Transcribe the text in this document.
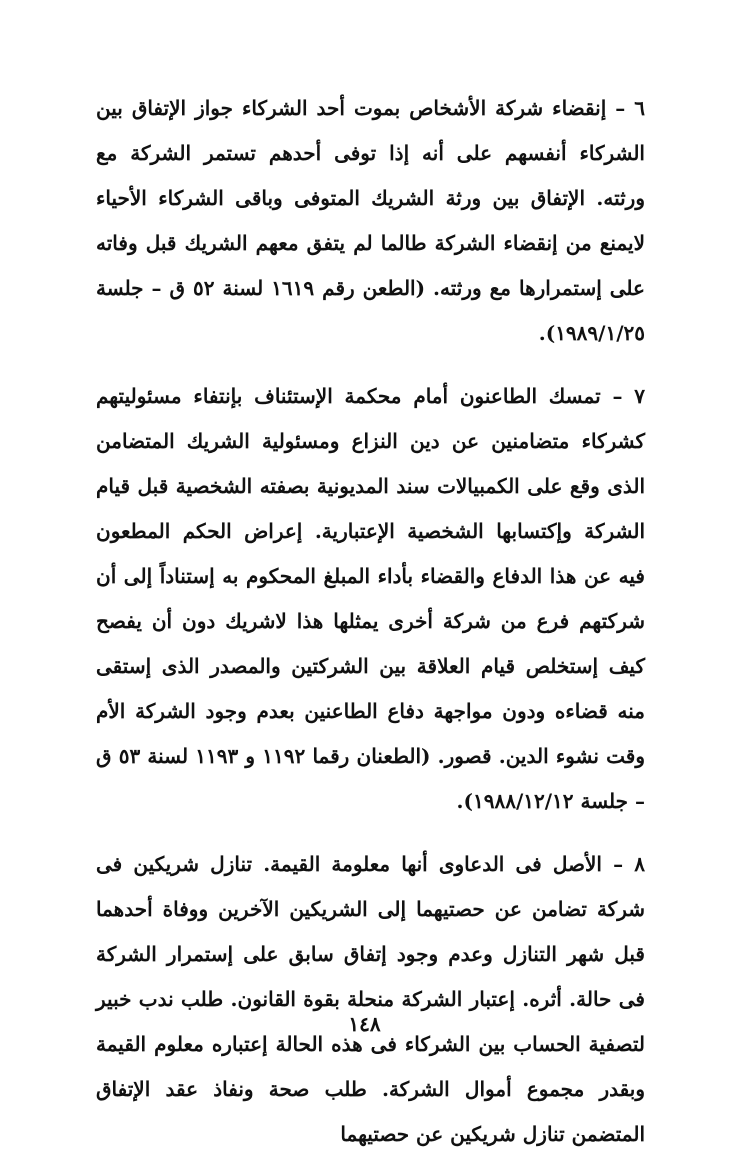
٦ – إنقضاء شركة الأشخاص بموت أحد الشركاء جواز الإتفاق بين الشركاء أنفسهم على أنه إذا توفى أحدهم تستمر الشركة مع ورثته. الإتفاق بين ورثة الشريك المتوفى وباقى الشركاء الأحياء لايمنع من إنقضاء الشركة طالما لم يتفق معهم الشريك قبل وفاته على إستمرارها مع ورثته. (الطعن رقم ١٦١٩ لسنة ٥٢ ق – جلسة ١٩٨٩/١/٢٥).

٧ – تمسك الطاعنون أمام محكمة الإستئناف بإنتفاء مسئوليتهم كشركاء متضامنين عن دين النزاع ومسئولية الشريك المتضامن الذى وقع على الكمبيالات سند المديونية بصفته الشخصية قبل قيام الشركة وإكتسابها الشخصية الإعتبارية. إعراض الحكم المطعون فيه عن هذا الدفاع والقضاء بأداء المبلغ المحكوم به إستناداً إلى أن شركتهم فرع من شركة أخرى يمثلها هذا لاشريك دون أن يفصح كيف إستخلص قيام العلاقة بين الشركتين والمصدر الذى إستقى منه قضاءه ودون مواجهة دفاع الطاعنين بعدم وجود الشركة الأم وقت نشوء الدين. قصور. (الطعنان رقما ١١٩٢ و ١١٩٣ لسنة ٥٣ ق – جلسة ١٩٨٨/١٢/١٢).

٨ – الأصل فى الدعاوى أنها معلومة القيمة. تنازل شريكين فى شركة تضامن عن حصتيهما إلى الشريكين الآخرين ووفاة أحدهما قبل شهر التنازل وعدم وجود إتفاق سابق على إستمرار الشركة فى حالة. أثره. إعتبار الشركة منحلة بقوة القانون. طلب ندب خبير لتصفية الحساب بين الشركاء فى هذه الحالة إعتباره معلوم القيمة وبقدر مجموع أموال الشركة. طلب صحة ونفاذ عقد الإتفاق المتضمن تنازل شريكين عن حصتيهما

١٤٨
